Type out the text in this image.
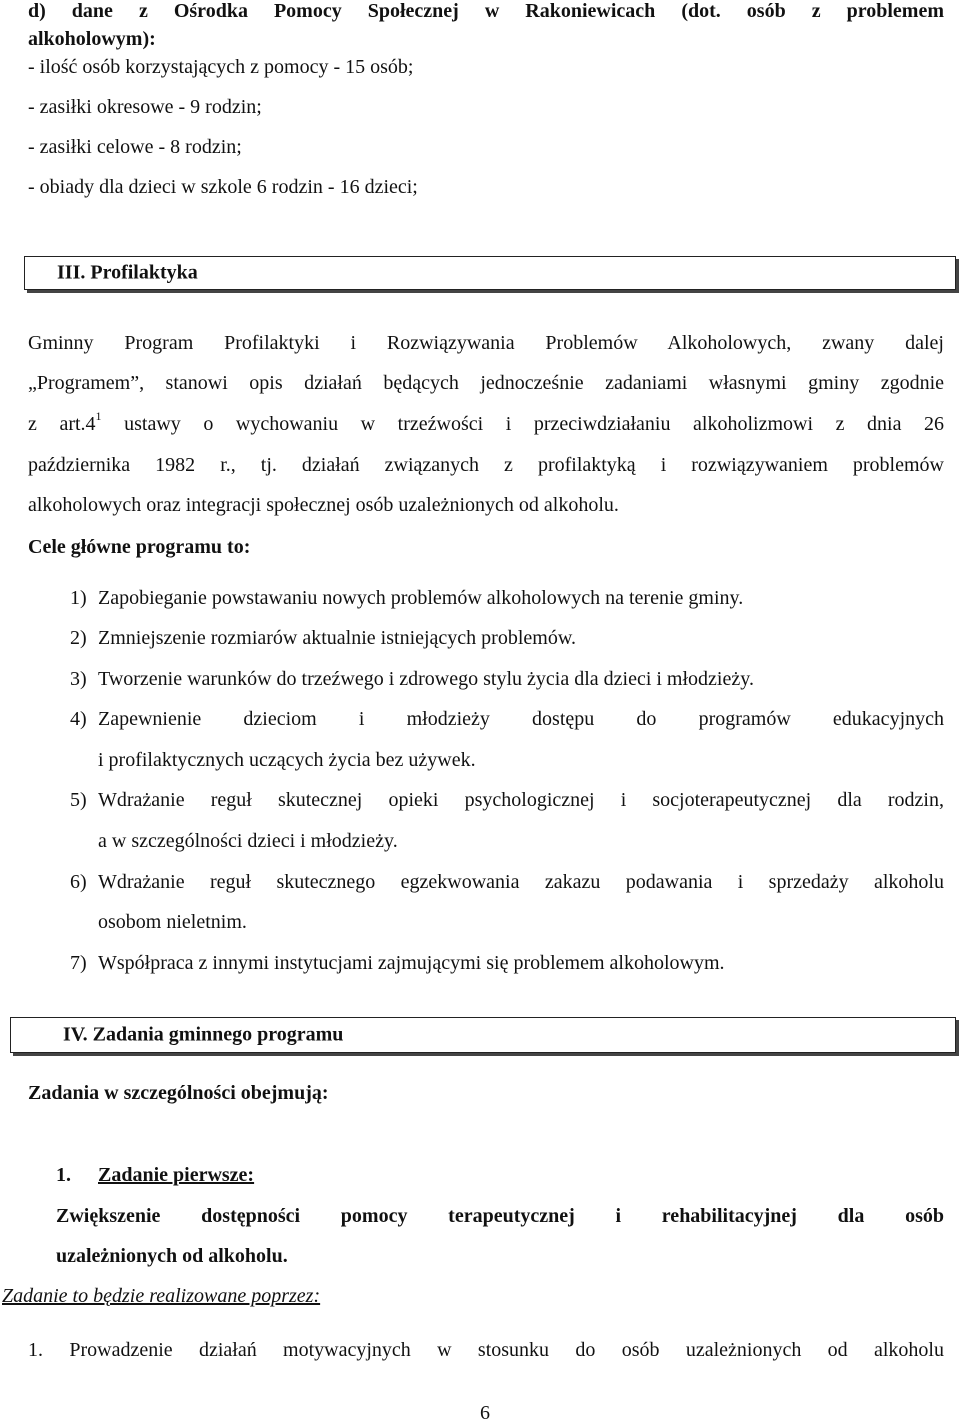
d) dane z Ośrodka Pomocy Społecznej w Rakoniewicach (dot. osób z problemem
alkoholowym):
- ilość osób korzystających z pomocy - 15 osób;
- zasiłki okresowe - 9 rodzin;
- zasiłki celowe - 8 rodzin;
- obiady dla dzieci w szkole 6 rodzin - 16 dzieci;
III. Profilaktyka
Gminny Program Profilaktyki i Rozwiązywania Problemów Alkoholowych, zwany dalej
„Programem”, stanowi opis działań będących jednocześnie zadaniami własnymi gminy zgodnie
z $art.4^1$ ustawy o wychowaniu w trzeźwości i przeciwdziałaniu alkoholizmowi z dnia 26
października 1982 r., tj. działań związanych z profilaktyką i rozwiązywaniem problemów
alkoholowych oraz integracji społecznej osób uzależnionych od alkoholu.
Cele główne programu to:
1) Zapobieganie powstawaniu nowych problemów alkoholowych na terenie gminy.
2) Zmniejszenie rozmiarów aktualnie istniejących problemów.
3) Tworzenie warunków do trzeźwego i zdrowego stylu życia dla dzieci i młodzieży.
4) Zapewnienie dzieciom i młodzieży dostępu do programów edukacyjnych
i profilaktycznych uczących życia bez używek.
5) Wdrażanie reguł skutecznej opieki psychologicznej i socjoterapeutycznej dla rodzin,
a w szczególności dzieci i młodzieży.
6) Wdrażanie reguł skutecznego egzekwowania zakazu podawania i sprzedaży alkoholu
osobom nieletnim.
7) Współpraca z innymi instytucjami zajmującymi się problemem alkoholowym.
IV. Zadania gminnego programu
Zadania w szczególności obejmują:
1. Zadanie pierwsze:
Zwiększenie dostępności pomocy terapeutycznej i rehabilitacyjnej dla osób
uzależnionych od alkoholu.
Zadanie to będzie realizowane poprzez:
1. Prowadzenie działań motywacyjnych w stosunku do osób uzależnionych od alkoholu
6
